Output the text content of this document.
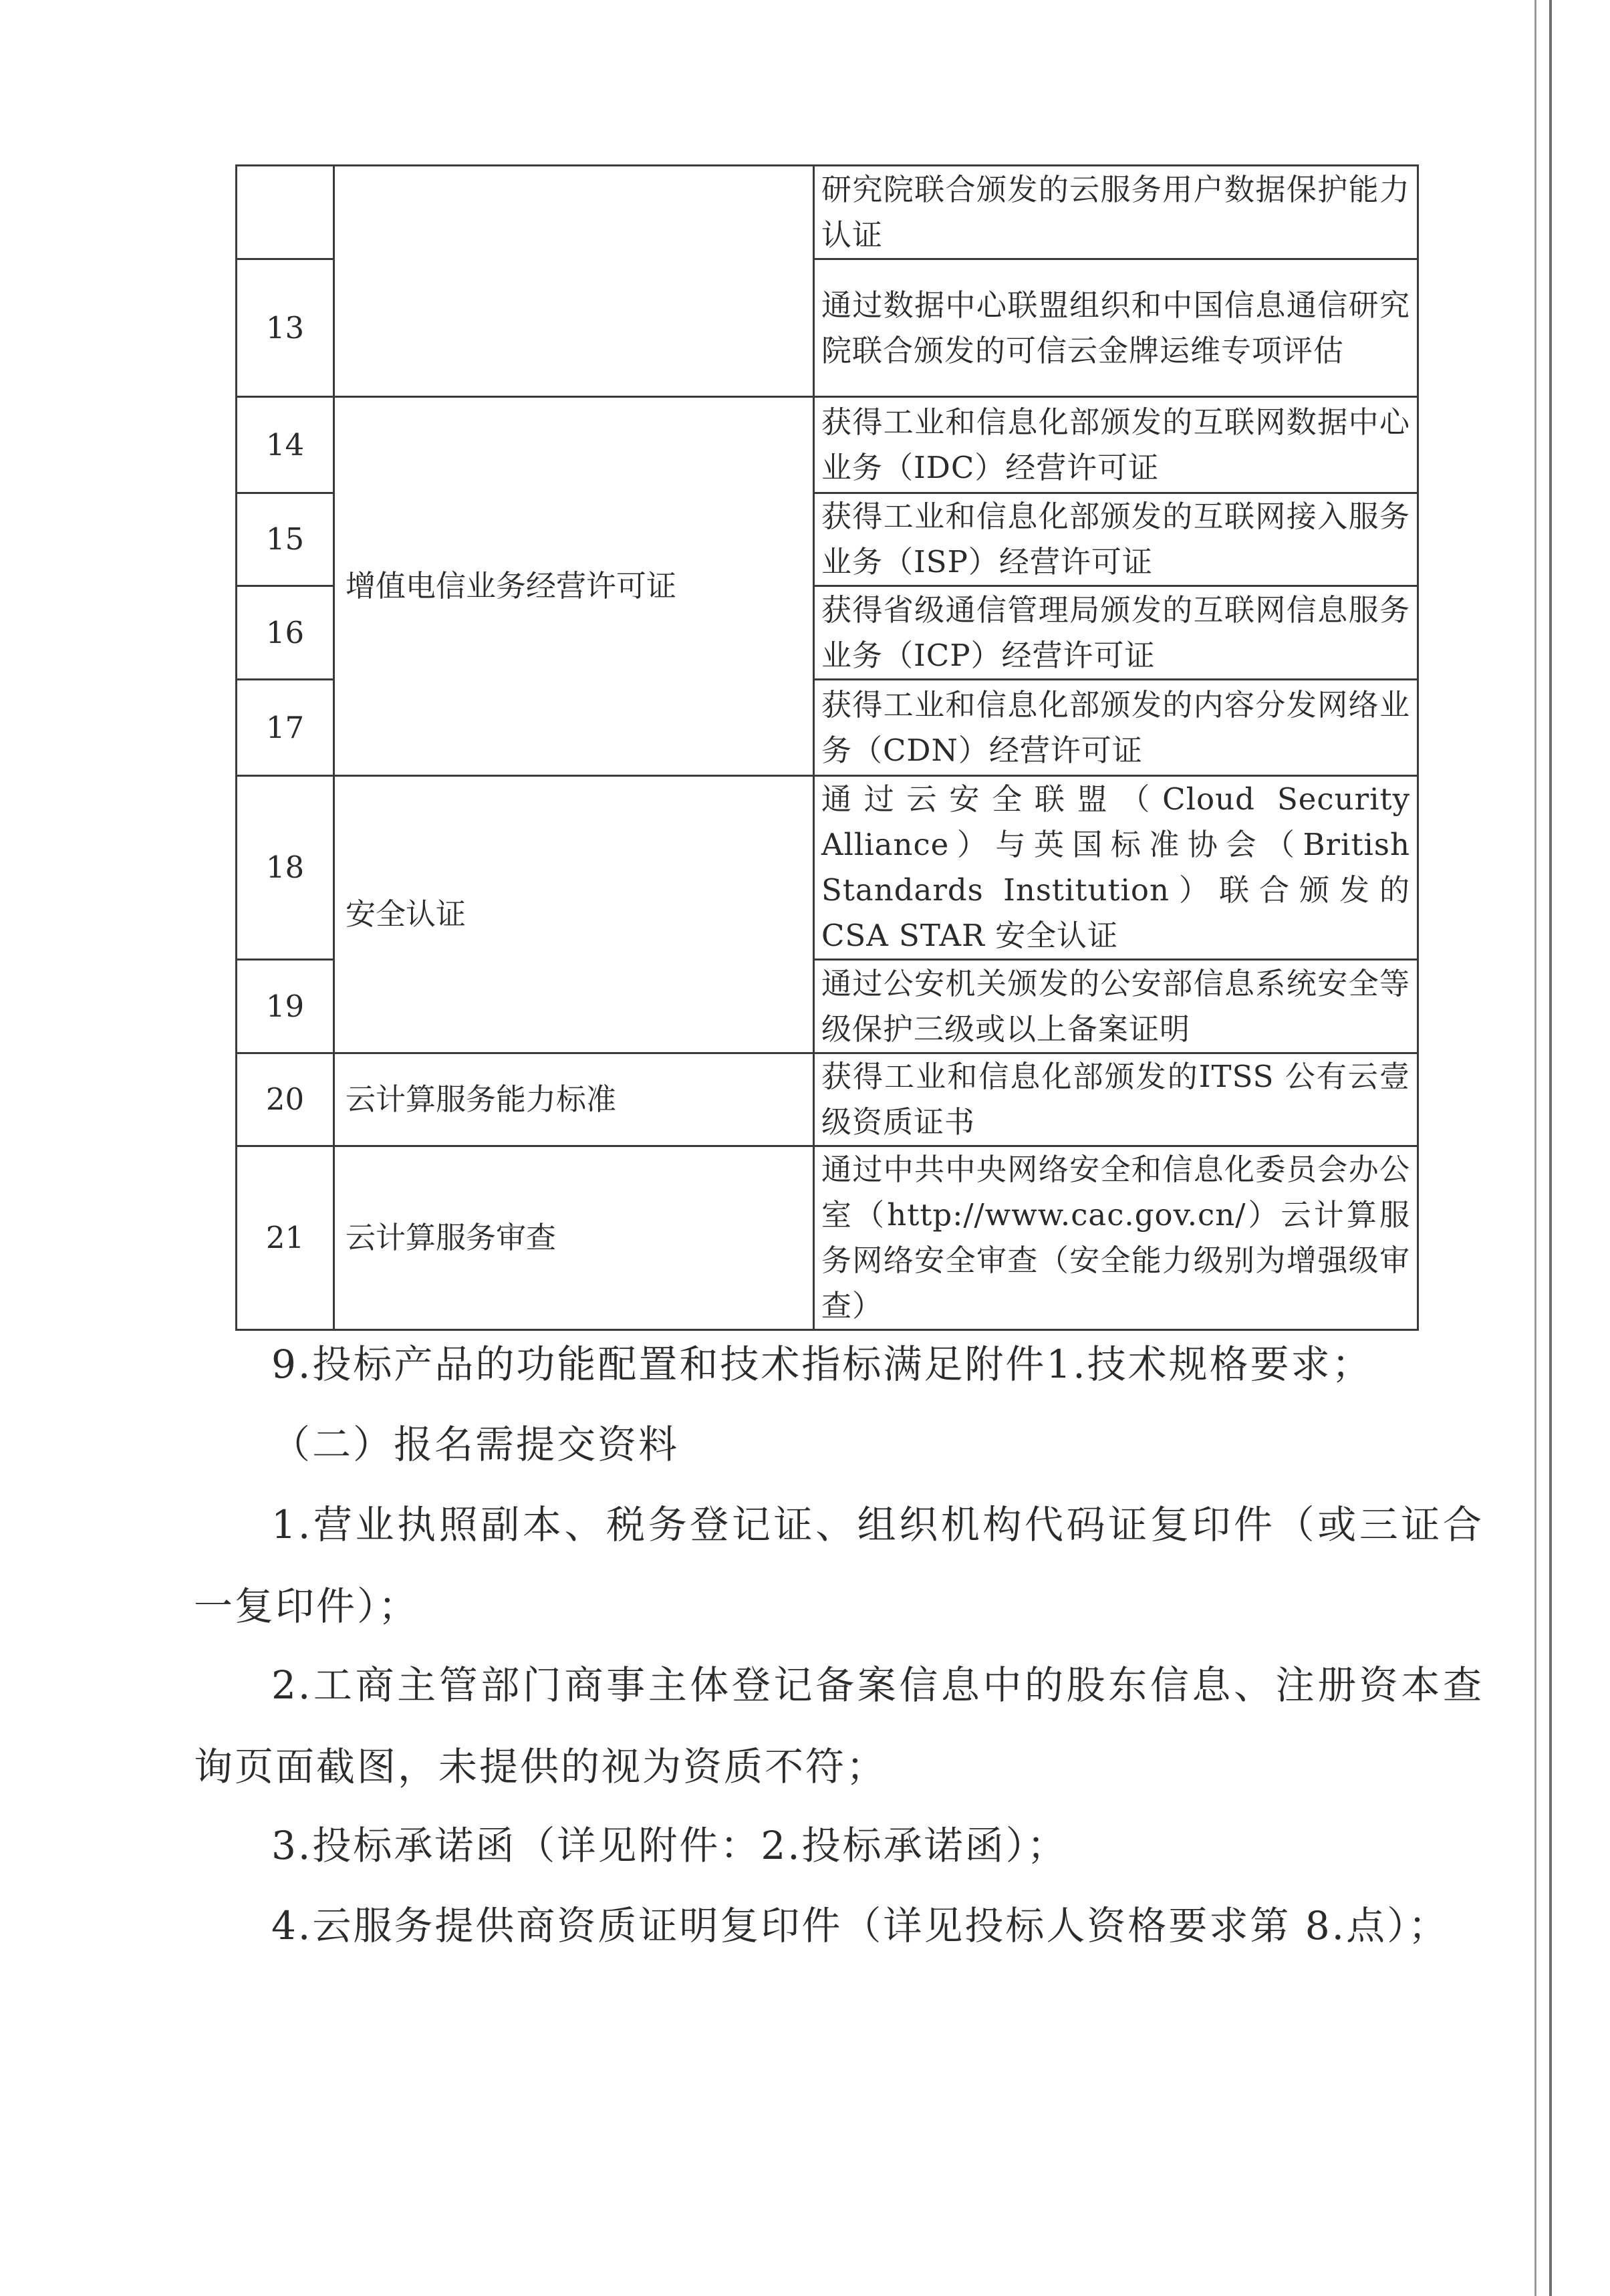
		研究院联合颁发的云服务用户数据保护能力认证
13		通过数据中心联盟组织和中国信息通信研究院联合颁发的可信云金牌运维专项评估
14	增值电信业务经营许可证	获得工业和信息化部颁发的互联网数据中心业务（IDC）经营许可证
15		获得工业和信息化部颁发的互联网接入服务业务（ISP）经营许可证
16		获得省级通信管理局颁发的互联网信息服务业务（ICP）经营许可证
17		获得工业和信息化部颁发的内容分发网络业务（CDN）经营许可证
18	安全认证	通过云安全联盟（Cloud Security Alliance）与英国标准协会（British Standards Institution）联合颁发的CSA STAR 安全认证
19		通过公安机关颁发的公安部信息系统安全等级保护三级或以上备案证明
20	云计算服务能力标准	获得工业和信息化部颁发的ITSS 公有云壹级资质证书
21	云计算服务审查	通过中共中央网络安全和信息化委员会办公室（http://www.cac.gov.cn/）云计算服务网络安全审查（安全能力级别为增强级审查）

9.投标产品的功能配置和技术指标满足附件1.技术规格要求；

（二）报名需提交资料

1.营业执照副本、税务登记证、组织机构代码证复印件（或三证合一复印件）；

2.工商主管部门商事主体登记备案信息中的股东信息、注册资本查询页面截图，未提供的视为资质不符；

3.投标承诺函（详见附件：2.投标承诺函）；

4.云服务提供商资质证明复印件（详见投标人资格要求第 8.点）；
